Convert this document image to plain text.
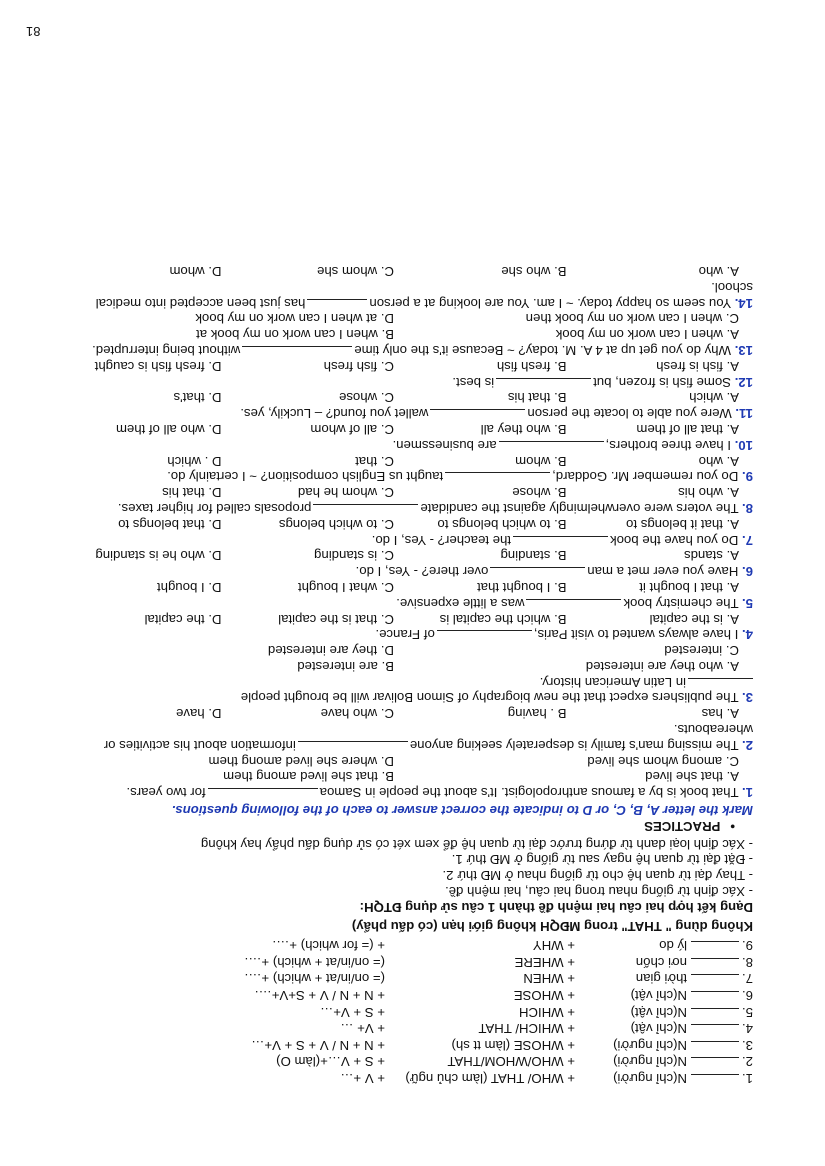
1.
N(chỉ người)
+ WHO/ THAT (làm chủ ngữ)
+ V +…
2.
N(chỉ người)
+ WHO/WHOM/THAT
+ S + V…+(làm O)
3.
N(chỉ người)
+ WHOSE (làm tt sh)
+ N + N / V + S + V+…
4.
N(chỉ vật)
+ WHICH/ THAT
+ V+ …
5.
N(chỉ vật)
+ WHICH
+ S + V+…
6.
N(chỉ vật)
+ WHOSE
+ N + N / V + S+V+….
7.
thời gian
+ WHEN
(= on/in/at + which) +….
8.
nơi chốn
+ WHERE
(= on/in/at + which) +….
9.
lý do
+ WHY
+ (= for which) +….
Không dùng " THAT" trong MĐQH không giới hạn (có dấu phẩy)
Dạng kết hợp hai câu hai mệnh đề thành 1 câu sử dụng ĐTQH:
- Xác định từ giống nhau trong hai câu, hai mệnh đề.
- Thay đại từ quan hệ cho từ giống nhau ở MĐ thứ 2.
- Đặt đại từ quan hệ ngay sau từ giống ở MĐ thứ 1.
- Xác định loại danh từ đứng trước đại từ quan hệ để xem xét có sử dụng dấu phẩy hay không
•PRACTICES
Mark the letter A, B, C, or D to indicate the correct answer to each of the following questions.
1. That book is by a famous anthropologist. It's about the people in Samoafor two years.
A. that she lived
B. that she lived among them
C. among whom she lived
D. where she lived among them
2. The missing man's family is desperately seeking anyoneinformation about his activities or whereabouts.
A. has
B . having
C. who have
D. have
3. The publishers expect that the new biography of Simon Bolivar will be brought people
in Latin American history.
A. who they are interested
B. are interested
C. interested
D. they are interested
4. I have always wanted to visit Paris,of France.
A. is the capital
B. which the capital is
C. that is the capital
D. the capital
5. The chemistry bookwas a little expensive.
A. that I bought it
B. I bought that
C. what I bought
D. I bought
6. Have you ever met a manover there? - Yes, I do.
A. stands
B. standing
C. is standing
D. who he is standing
7. Do you have the bookthe teacher? - Yes, I do.
A. that it belongs to
B. to which belongs to
C. to which belongs
D. that belongs to
8. The voters were overwhelmingly against the candidateproposals called for higher taxes.
A. who his
B. whose
C. whom he had
D. that his
9. Do you remember Mr. Goddard,taught us English composition? ~ I certainly do.
A. who
B. whom
C. that
D . which
10. I have three brothers,are businessmen.
A. that all of them
B. who they all
C. all of whom
D. who all of them
11. Were you able to locate the personwallet you found? – Luckily, yes.
A. which
B. that his
C. whose
D. that's
12. Some fish is frozen, butis best.
A. fish is fresh
B. fresh fish
C. fish fresh
D. fresh fish is caught
13. Why do you get up at 4 A. M. today? ~ Because it's the only timewithout being interrupted.
A. when I can work on my book
B. when I can work on my book at
C. when I can work on my book then
D. at when I can work on my book
14. You seem so happy today. ~ I am. You are looking at a personhas just been accepted into medical school.
A. who
B. who she
C. whom she
D. whom
81
